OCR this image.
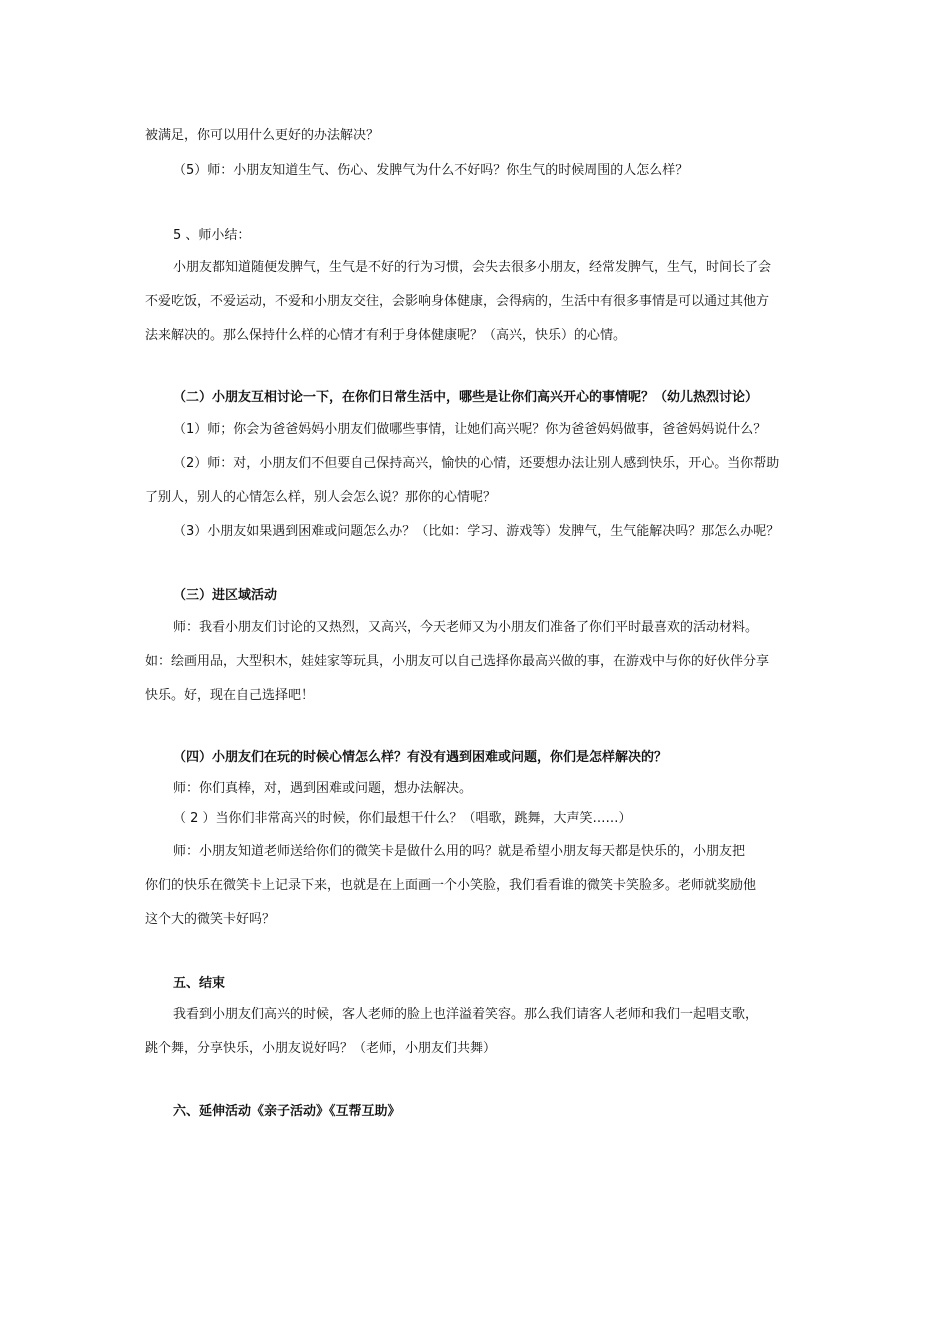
被满足，你可以用什么更好的办法解决？

（5）师：小朋友知道生气、伤心、发脾气为什么不好吗？你生气的时候周围的人怎么样？

5 、师小结：

小朋友都知道随便发脾气，生气是不好的行为习惯，会失去很多小朋友，经常发脾气，生气，时间长了会

不爱吃饭，不爱运动，不爱和小朋友交往，会影响身体健康，会得病的，生活中有很多事情是可以通过其他方

法来解决的。那么保持什么样的心情才有利于身体健康呢？（高兴，快乐）的心情。

（二）小朋友互相讨论一下，在你们日常生活中，哪些是让你们高兴开心的事情呢？（幼儿热烈讨论）

（1）师；你会为爸爸妈妈小朋友们做哪些事情，让她们高兴呢？你为爸爸妈妈做事，爸爸妈妈说什么？

（2）师：对，小朋友们不但要自己保持高兴，愉快的心情，还要想办法让别人感到快乐，开心。当你帮助

了别人，别人的心情怎么样，别人会怎么说？那你的心情呢？

（3）小朋友如果遇到困难或问题怎么办？（比如：学习、游戏等）发脾气，生气能解决吗？那怎么办呢？

（三）进区域活动

师：我看小朋友们讨论的又热烈，又高兴，今天老师又为小朋友们准备了你们平时最喜欢的活动材料。

如：绘画用品，大型积木，娃娃家等玩具，小朋友可以自己选择你最高兴做的事，在游戏中与你的好伙伴分享

快乐。好，现在自己选择吧！

（四）小朋友们在玩的时候心情怎么样？有没有遇到困难或问题，你们是怎样解决的？

师：你们真棒，对，遇到困难或问题，想办法解决。

（ 2 ）当你们非常高兴的时候，你们最想干什么？（唱歌，跳舞，大声笑……）

师：小朋友知道老师送给你们的微笑卡是做什么用的吗？就是希望小朋友每天都是快乐的，小朋友把

你们的快乐在微笑卡上记录下来，也就是在上面画一个小笑脸，我们看看谁的微笑卡笑脸多。老师就奖励他

这个大的微笑卡好吗？

五、结束

我看到小朋友们高兴的时候，客人老师的脸上也洋溢着笑容。那么我们请客人老师和我们一起唱支歌，

跳个舞，分享快乐，小朋友说好吗？（老师，小朋友们共舞）

六、延伸活动《亲子活动》《互帮互助》
